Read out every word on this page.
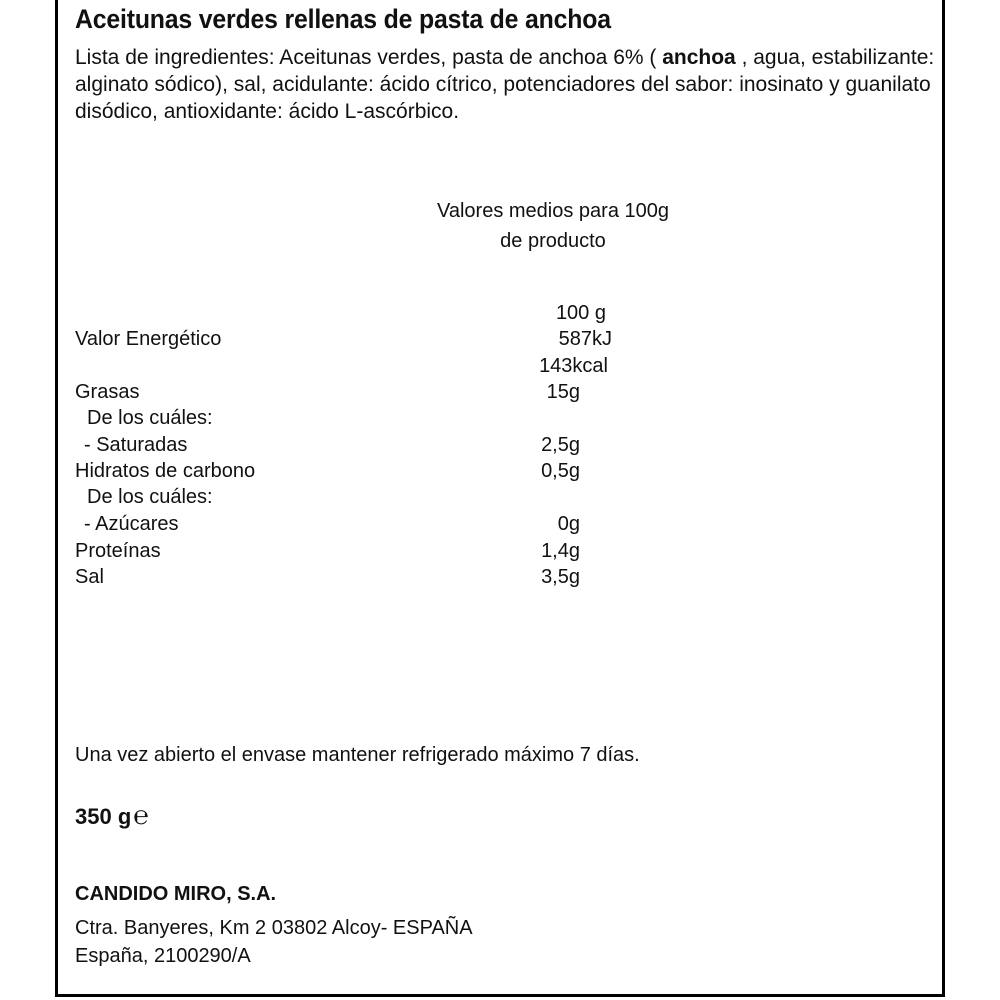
Aceitunas verdes rellenas de pasta de anchoa
Lista de ingredientes: Aceitunas verdes, pasta de anchoa 6% ( anchoa , agua, estabilizante: alginato sódico), sal, acidulante: ácido cítrico, potenciadores del sabor: inosinato y guanilato disódico, antioxidante: ácido L-ascórbico.
Valores medios para 100g
de producto
100 g
Valor Energético	587kJ
143kcal
Grasas	15g
De los cuáles:
- Saturadas	2,5g
Hidratos de carbono	0,5g
De los cuáles:
- Azúcares	0g
Proteínas	1,4g
Sal	3,5g
Una vez abierto el envase mantener refrigerado máximo 7 días.
350 g℮
CANDIDO MIRO, S.A.
Ctra. Banyeres, Km 2 03802 Alcoy- ESPAÑA
España, 2100290/A
